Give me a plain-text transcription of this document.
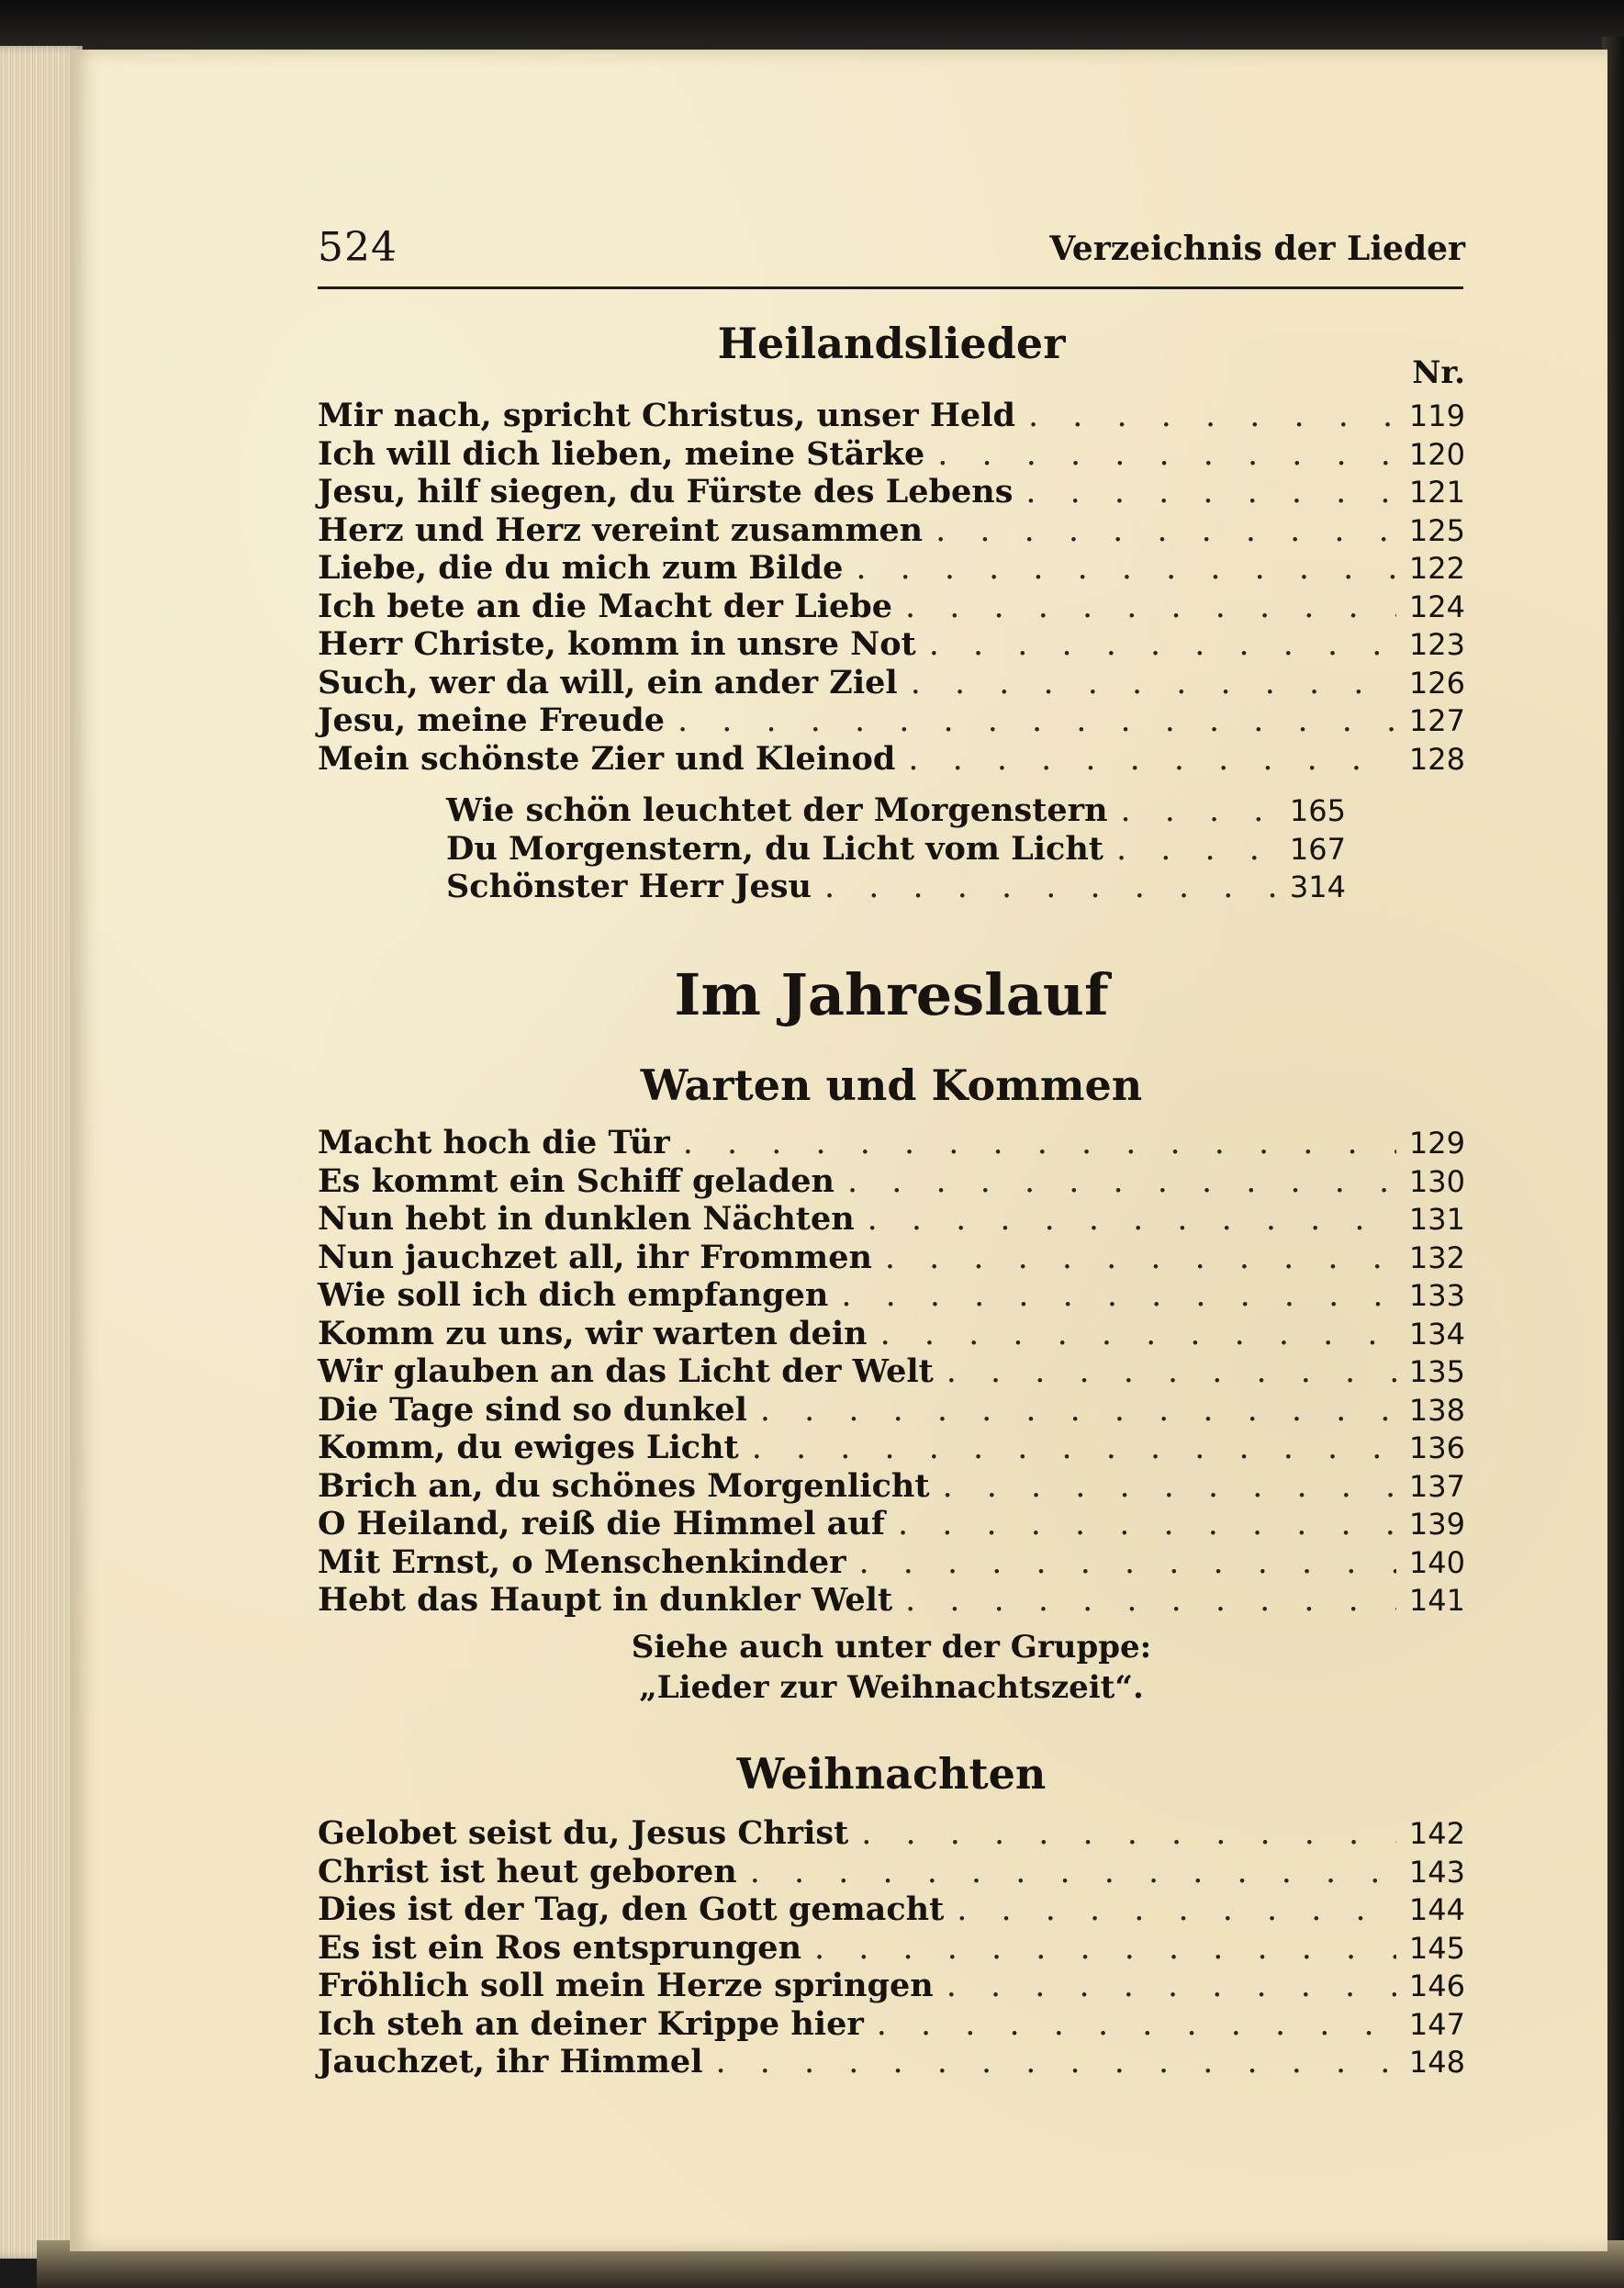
524	Verzeichnis der Lieder
Heilandslieder
Nr.
Mir nach, spricht Christus, unser Held . . .	119
Ich will dich lieben, meine Stärke . . .	120
Jesu, hilf siegen, du Fürste des Lebens . . .	121
Herz und Herz vereint zusammen . . .	125
Liebe, die du mich zum Bilde . . .	122
Ich bete an die Macht der Liebe . . .	124
Herr Christe, komm in unsre Not . . .	123
Such, wer da will, ein ander Ziel . . .	126
Jesu, meine Freude . . .	127
Mein schönste Zier und Kleinod . . .	128
Wie schön leuchtet der Morgenstern . . .	165
Du Morgenstern, du Licht vom Licht . . .	167
Schönster Herr Jesu . . .	314
Im Jahreslauf
Warten und Kommen
Macht hoch die Tür . . .	129
Es kommt ein Schiff geladen . . .	130
Nun hebt in dunklen Nächten . . .	131
Nun jauchzet all, ihr Frommen . . .	132
Wie soll ich dich empfangen . . .	133
Komm zu uns, wir warten dein . . .	134
Wir glauben an das Licht der Welt . . .	135
Die Tage sind so dunkel . . .	138
Komm, du ewiges Licht . . .	136
Brich an, du schönes Morgenlicht . . .	137
O Heiland, reiß die Himmel auf . . .	139
Mit Ernst, o Menschenkinder . . .	140
Hebt das Haupt in dunkler Welt . . .	141
Siehe auch unter der Gruppe:
„Lieder zur Weihnachtszeit“.
Weihnachten
Gelobet seist du, Jesus Christ . . .	142
Christ ist heut geboren . . .	143
Dies ist der Tag, den Gott gemacht . . .	144
Es ist ein Ros entsprungen . . .	145
Fröhlich soll mein Herze springen . . .	146
Ich steh an deiner Krippe hier . . .	147
Jauchzet, ihr Himmel . . .	148
